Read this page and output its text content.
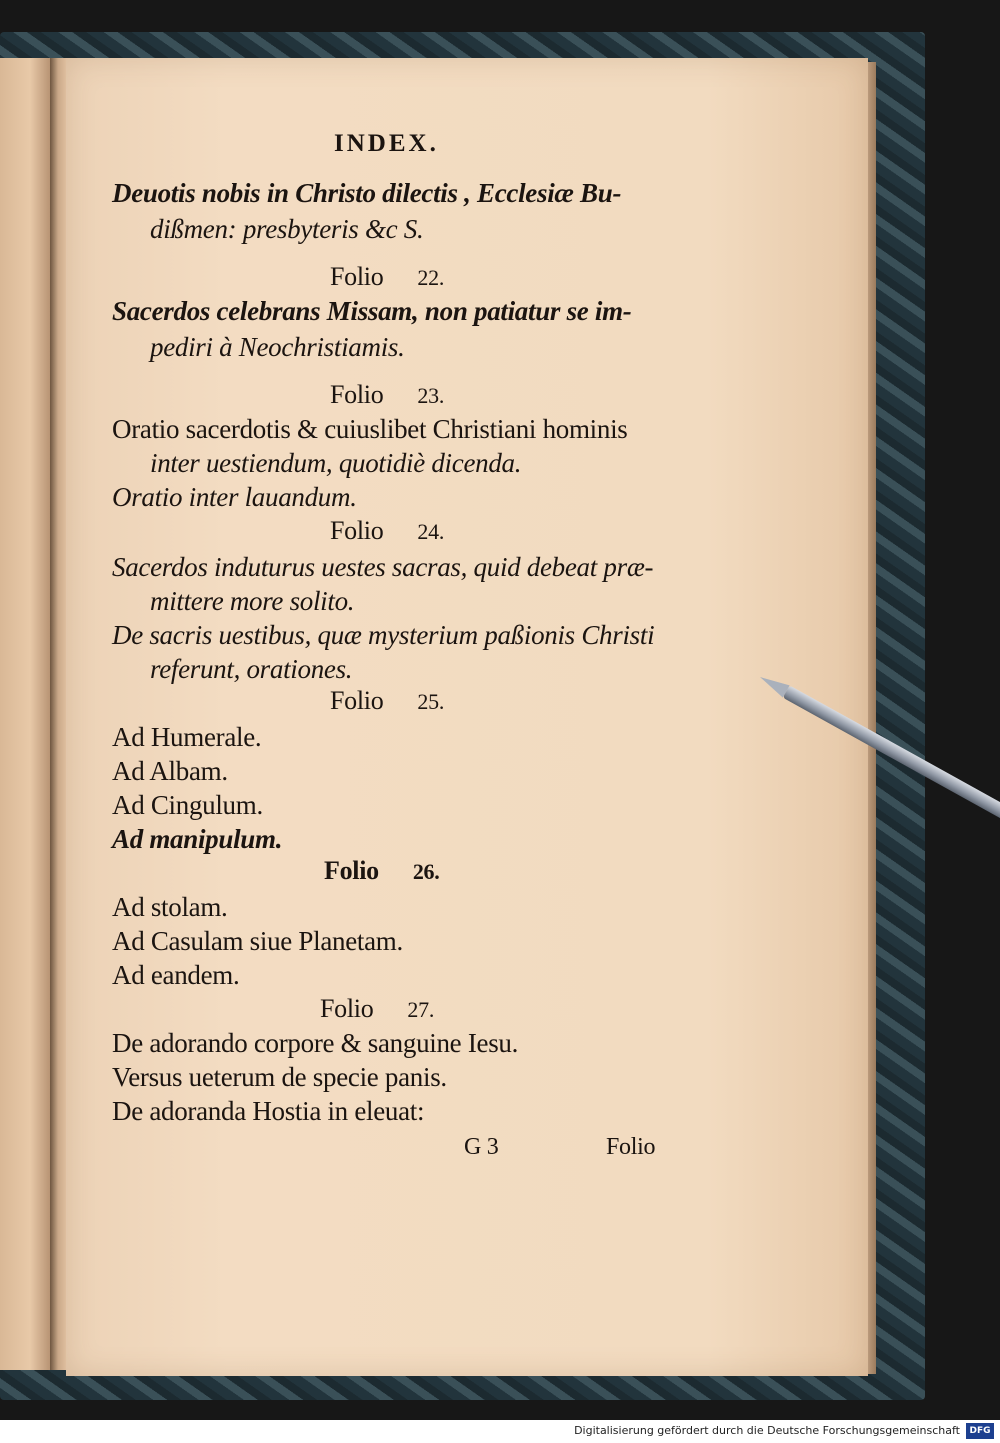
INDEX.
Deuotis nobis in Christo dilectis , Ecclesiæ Bu-
dißmen: presbyteris &c S.
Folio 22.
Sacerdos celebrans Missam, non patiatur se im-
pediri à Neochristiamis.
Folio 23.
Oratio sacerdotis & cuiuslibet Christiani hominis
inter uestiendum, quotidiè dicenda.
Oratio inter lauandum.
Folio 24.
Sacerdos induturus uestes sacras, quid debeat præ-
mittere more solito.
De sacris uestibus, quæ mysterium paßionis Christi
referunt, orationes.
Folio 25.
Ad Humerale.
Ad Albam.
Ad Cingulum.
Ad manipulum.
Folio 26.
Ad stolam.
Ad Casulam siue Planetam.
Ad eandem.
Folio 27.
De adorando corpore & sanguine Iesu.
Versus ueterum de specie panis.
De adoranda Hostia in eleuat:
G 3	Folio
Digitalisierung gefördert durch die Deutsche Forschungsgemeinschaft	DFG
